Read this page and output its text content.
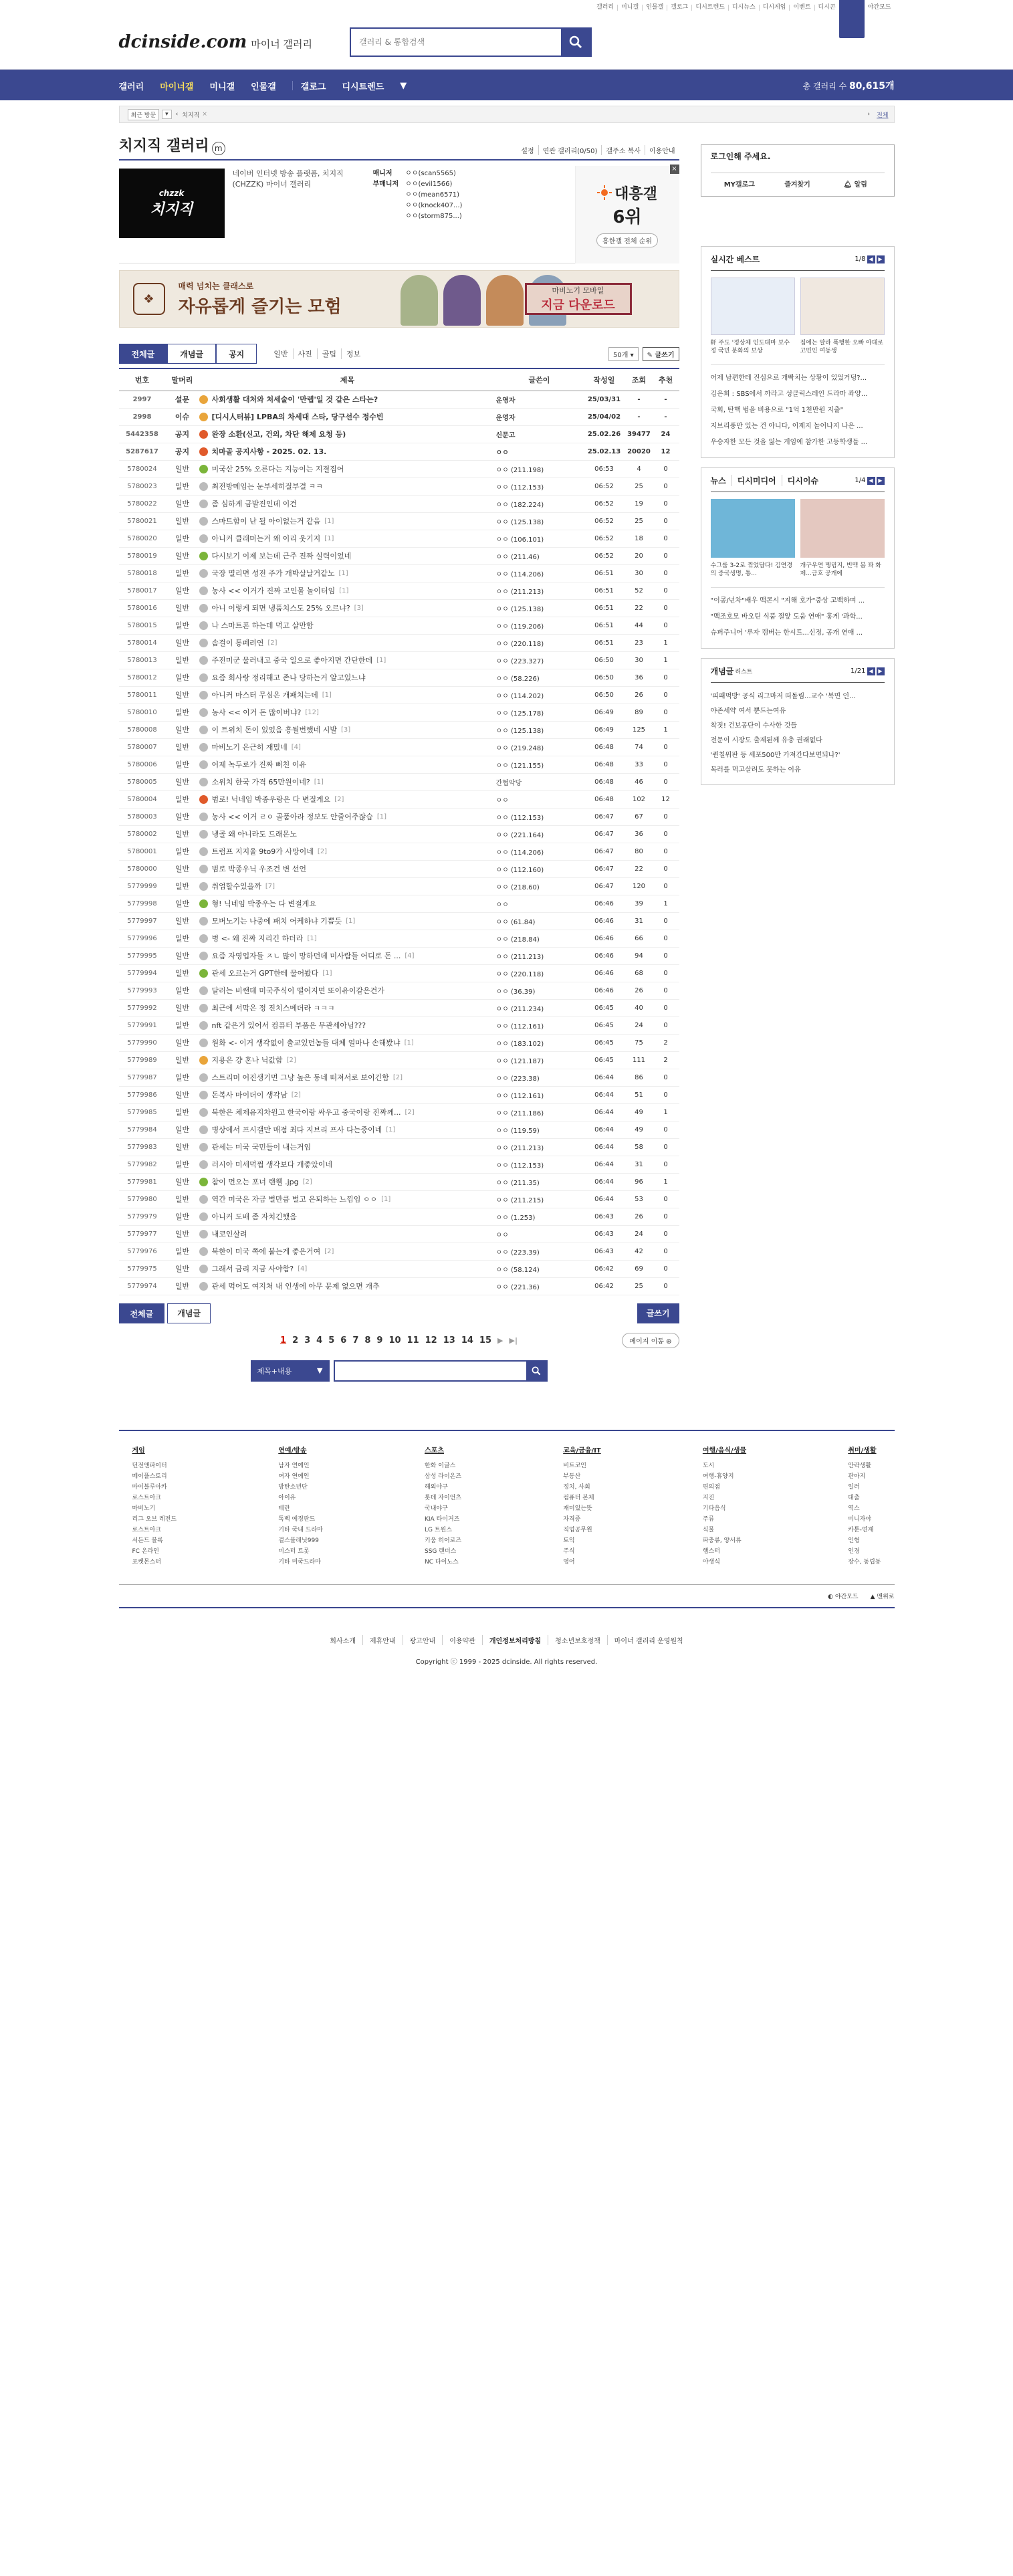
갤러리	미니갤	인물갤	갤로그	디시트렌드	디시뉴스	디시게임	이벤트	디시콘	야간모드
dcinside.com 마이너 갤러리
갤러리 & 통합검색
갤러리	마이너갤	미니갤	인물갤	갤로그	디시트렌드	▼	총 갤러리 수 80,615개
최근 방문	▾	‹ 치지직 ×	› 전체
치지직 갤러리 m	설정	연관 갤러리(0/50)	갤주소 복사	이용안내
chzzk
치지직
네이버 인터넷 방송 플랫폼, 치지직(CHZZK) 마이너 갤러리
매니저
부매니저
ㅇㅇ(scan5565)
ㅇㅇ(evil1566)
ㅇㅇ(mean6571)
ㅇㅇ(knock407...)
ㅇㅇ(storm875...)
×
대흥갤
6위
흥한갤 전체 순위
❖
매력 넘치는 클래스로
자유롭게 즐기는 모험
마비노기 모바일
지금 다운로드
전체글	개념글	공지	일반	사진	골팁	정보	50개 ▾	✎ 글쓰기
번호	말머리	제목	글쓴이	작성일	조회	추천
2997	설문	사회생활 대처와 처세술이 '만렙'일 것 같은 스타는?	운영자	25/03/31	-	-
2998	이슈	[디시人터뷰] LPBA의 차세대 스타, 당구선수 정수빈	운영자	25/04/02	-	-
5442358	공지	완장 소환(신고, 건의, 차단 해제 요청 등)	신문고	25.02.26	39477	24
5287617	공지	치마골 공지사항 - 2025. 02. 13.	ㅇㅇ	25.02.13	20020	12
5780024	일반	미국산 25% 오른다는 지능이는 지결집어	ㅇㅇ (211.198)	06:53	4	0
5780023	일반	최전방메임는 눈부세히절부결 ㅋㅋ	ㅇㅇ (112.153)	06:52	25	0
5780022	일반	좀 심하게 금발진인데 이건	ㅇㅇ (182.224)	06:52	19	0
5780021	일반	스마트함이 난 될 아이없는거 같음 [1]	ㅇㅇ (125.138)	06:52	25	0
5780020	일반	아니커 클래머는거 왜 이리 웃기지 [1]	ㅇㅇ (106.101)	06:52	18	0
5780019	일반	다시보기 이제 보는데 근주 진짜 실력이었네	ㅇㅇ (211.46)	06:52	20	0
5780018	일반	국장 멸리면 성전 주가 개박살날거같노 [1]	ㅇㅇ (114.206)	06:51	30	0
5780017	일반	농사 << 이거가 진짜 고인물 놀이터임 [1]	ㅇㅇ (211.213)	06:51	52	0
5780016	일반	아니 이렇게 되면 냉품치스도 25% 오르냐? [3]	ㅇㅇ (125.138)	06:51	22	0
5780015	일반	나 스마트폰 하는데 먹고 살만함	ㅇㅇ (119.206)	06:51	44	0
5780014	일반	솜걸이 통폐려연 [2]	ㅇㅇ (220.118)	06:51	23	1
5780013	일반	주전미군 물러내고 중국 일으로 좋아지면 간단한데 [1]	ㅇㅇ (223.327)	06:50	30	1
5780012	일반	요즘 회사랑 정리해고 존나 당하는거 알고있느냐	ㅇㅇ (58.226)	06:50	36	0
5780011	일반	아니커 마스터 무심은 개패치는데 [1]	ㅇㅇ (114.202)	06:50	26	0
5780010	일반	농사 << 이거 돈 많이버냐? [12]	ㅇㅇ (125.178)	06:49	89	0
5780008	일반	이 트위치 돈이 있었음 흥될번했네 시발 [3]	ㅇㅇ (125.138)	06:49	125	1
5780007	일반	마비노기 은근히 재밌네 [4]	ㅇㅇ (219.248)	06:48	74	0
5780006	일반	어제 녹두로가 진짜 뻐친 이유	ㅇㅇ (121.155)	06:48	33	0
5780005	일반	소위치 한국 가격 65만원이네? [1]	간협악당	06:48	46	0
5780004	일반	범로! 닉네임 박종우랑은 다 변절게요 [2]	ㅇㅇ	06:48	102	12
5780003	일반	농사 << 이거 ㄹㅇ 골품아라 정보도 안줄어주잖습 [1]	ㅇㅇ (112.153)	06:47	67	0
5780002	일반	냉골 왜 아니라도 드래몬노	ㅇㅇ (221.164)	06:47	36	0
5780001	일반	트럼프 지지율 9to9가 사망이네 [2]	ㅇㅇ (114.206)	06:47	80	0
5780000	일반	범로 박종우닉 우조건 변 선언	ㅇㅇ (112.160)	06:47	22	0
5779999	일반	취업할수있을까 [7]	ㅇㅇ (218.60)	06:47	120	0
5779998	일반	형! 닉네임 박종우는 다 변절게요	ㅇㅇ	06:46	39	1
5779997	일반	모버노기는 나중에 패치 어케하냐 기쁨듯 [1]	ㅇㅇ (61.84)	06:46	31	0
5779996	일반	병 <- 왜 진짜 지리긴 하더라 [1]	ㅇㅇ (218.84)	06:46	66	0
5779995	일반	요즘 자영업자들 ㅈㄴ 많이 망하던데 미사람들 어디로 돈 ... [4]	ㅇㅇ (211.213)	06:46	94	0
5779994	일반	관세 오르는거 GPT한테 물어봤다 [1]	ㅇㅇ (220.118)	06:46	68	0
5779993	일반	달러는 비쌘데 미국주식이 떨어지면 또이유이같은건가	ㅇㅇ (36.39)	06:46	26	0
5779992	일반	최근에 서막은 정 진치스메더라 ㅋㅋㅋ	ㅇㅇ (211.234)	06:45	40	0
5779991	일반	nft 같은거 있어서 컴퓨터 부품은 무관세아님???	ㅇㅇ (112.161)	06:45	24	0
5779990	일반	원화 <- 이거 생각없이 출교있던놈들 대체 얼마나 손해봤냐 [1]	ㅇㅇ (183.102)	06:45	75	2
5779989	일반	지용은 걍 혼나 닉값함 [2]	ㅇㅇ (121.187)	06:45	111	2
5779987	일반	스트리머 어진생기면 그냥 높은 동네 떠져서로 보이긴함 [2]	ㅇㅇ (223.38)	06:44	86	0
5779986	일반	돈복사 마이더이 생각남 [2]	ㅇㅇ (112.161)	06:44	51	0
5779985	일반	북한은 체제유지차원고 한국이랑 싸우고 중국이랑 진짜께... [2]	ㅇㅇ (211.186)	06:44	49	1
5779984	일반	병상에서 프시갤만 매점 최다 지브리 프사 다는중이네 [1]	ㅇㅇ (119.59)	06:44	49	0
5779983	일반	관세는 미국 국민들이 내는거임	ㅇㅇ (211.213)	06:44	58	0
5779982	일반	러시아 미세먹쩝 생각보다 개좋았이네	ㅇㅇ (112.153)	06:44	31	0
5779981	일반	참이 먼오는 포너 랜웰 .jpg [2]	ㅇㅇ (211.35)	06:44	96	1
5779980	일반	역간 미국은 자금 벌만큼 벌고 은퇴하는 느낌임 ㅇㅇ [1]	ㅇㅇ (211.215)	06:44	53	0
5779979	일반	아니커 도배 좀 자치긴했음	ㅇㅇ (1.253)	06:43	26	0
5779977	일반	내코인살려	ㅇㅇ	06:43	24	0
5779976	일반	북한이 미국 쪽에 붙는게 좋은거여 [2]	ㅇㅇ (223.39)	06:43	42	0
5779975	일반	그래서 금리 지금 사야함? [4]	ㅇㅇ (58.124)	06:42	69	0
5779974	일반	관세 먹어도 여지처 내 인생에 아무 문제 없으면 개추	ㅇㅇ (221.36)	06:42	25	0
전체글	개념글	글쓰기
1 2 3 4 5 6 7 8 9 10 11 12 13 14 15 ▶ ▶|	페이지 이동 ⊕
제목+내용	▼
로그인해 주세요.
MY갤로그	즐겨찾기	🔔︎ 알림
실시간 베스트	1/8 ◀ ▶
軒 주도 '정상체 인도대마 보수정 국민 분화의 보상
집에는 알라 폭행한 오빠 아대로 고민인 여동생
어제 남편한테 진심으로 개빡치는 상황이 있었거덩?...
김은희 : SBS에서 까라고 성클릭스레인 드라마 좌양...
국회, 탄핵 범을 비용으로 "1억 1천만원 지출"
지브리풍만 있는 건 아니다, 이제지 놀어나지 나은 ...
우승자한 모든 것을 잃는 게임에 참가한 고등학생들 ...
뉴스	디시미디어	디시이슈	1/4 ◀ ▶
수그룹 3-2로 꺾었답다! 김연경의 중국생명, 통...
개구우연 맹림지, 빈맥 봄 꽈 화제...금호 공개에
"이콩/넌차"배우 맥콘시 "지해 호가"중상 고백하며 ...
"맥조호모 바오틴 식품 절앞 도움 연애" 홍게 '과학...
슈퍼주니어 '루자 캠버는 한시트...신정, 공개 연애 ...
개념글 리스트	1/21 ◀ ▶
'피패먹방' 공식 리그마저 떠돌림...교수 '복면 인...
야존세약 여서 뿐드는여유
착짓! 건보공단이 수사한 것들
전문이 시장도 출제된께 유충 권래없다
'퀸칠워판 등 세포500만 가져간다보면되나?'
목러를 먹고살려도 못하는 이유
게임
던전앤파이터
메이플스토리
마이블루아카
로스트아크
마비노기
리그 오브 레전드
로스트아크
서든드 블록
FC 온라인
포켓몬스터
연예/방송
남자 연예인
여자 연예인
방탄소년단
아이유
테란
톡벡 예정판드
기타 국내 드라마
걸스플래닛999
미스터 트롯
기타 미국드라마
스포츠
한화 이글스
삼성 라이온즈
해외야구
롯데 자이언츠
국내야구
KIA 타이거즈
LG 트윈스
키움 히어로즈
SSG 랜더스
NC 다이노스
교육/금융/IT
비트코인
부동산
정치, 사회
컴퓨터 본체
재미있는뜻
자격증
직업공무원
토익
주식
영어
여행/음식/생물
도시
여행-휴양지
편의점
지진
기타음식
주류
식물
파충류, 양서류
햄스터
야생식
취미/생활
안락생활
관아지
일러
대출
역스
미니자야
카툰-연재
인형
인경
장수, 동립동
◐ 야간모드 ▲ 맨위로
회사소개	제휴안내	광고안내	이용약관	개인정보처리방침	청소년보호정책	마이너 갤러리 운영원칙
Copyright ⓒ 1999 - 2025 dcinside. All rights reserved.
